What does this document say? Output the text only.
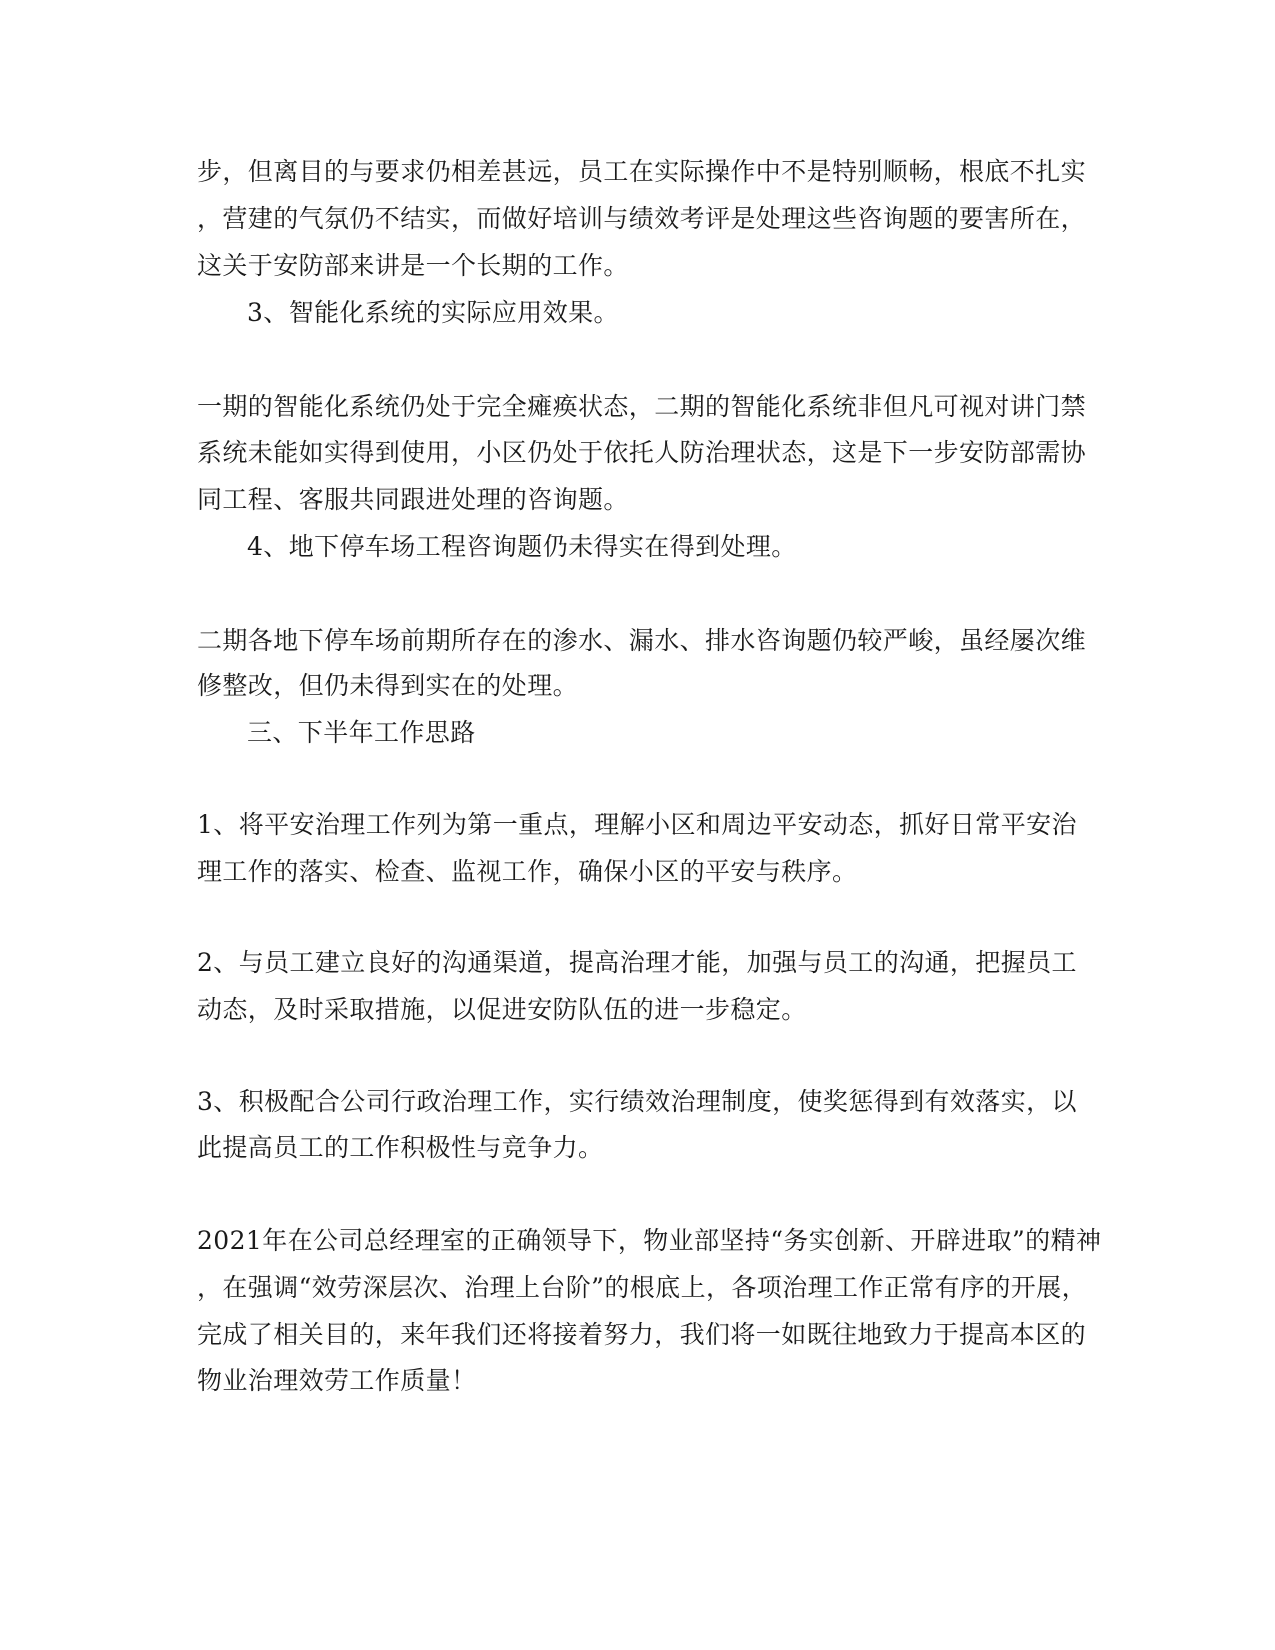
步，但离目的与要求仍相差甚远，员工在实际操作中不是特别顺畅，根底不扎实
，营建的气氛仍不结实，而做好培训与绩效考评是处理这些咨询题的要害所在，
这关于安防部来讲是一个长期的工作。
3、智能化系统的实际应用效果。
一期的智能化系统仍处于完全瘫痪状态，二期的智能化系统非但凡可视对讲门禁
系统未能如实得到使用，小区仍处于依托人防治理状态，这是下一步安防部需协
同工程、客服共同跟进处理的咨询题。
4、地下停车场工程咨询题仍未得实在得到处理。
二期各地下停车场前期所存在的渗水、漏水、排水咨询题仍较严峻，虽经屡次维
修整改，但仍未得到实在的处理。
三、下半年工作思路
1、将平安治理工作列为第一重点，理解小区和周边平安动态，抓好日常平安治
理工作的落实、检查、监视工作，确保小区的平安与秩序。
2、与员工建立良好的沟通渠道，提高治理才能，加强与员工的沟通，把握员工
动态，及时采取措施，以促进安防队伍的进一步稳定。
3、积极配合公司行政治理工作，实行绩效治理制度，使奖惩得到有效落实，以
此提高员工的工作积极性与竞争力。
2021年在公司总经理室的正确领导下，物业部坚持“务实创新、开辟进取”的精神
，在强调“效劳深层次、治理上台阶”的根底上，各项治理工作正常有序的开展，
完成了相关目的，来年我们还将接着努力，我们将一如既往地致力于提高本区的
物业治理效劳工作质量！
